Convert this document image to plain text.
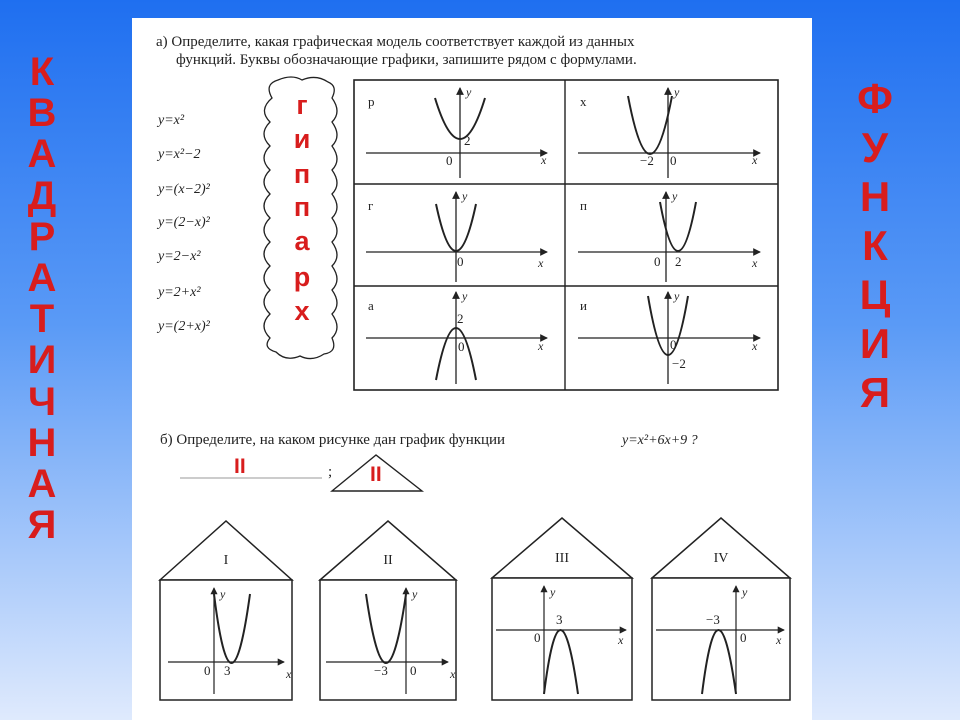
К
В
А
Д
Р
А
Т
И
Ч
Н
А
Я
Ф
У
Н
К
Ц
И
Я
а) Определите, какая графическая модель соответствует каждой из данных
функций. Буквы обозначающие графики, запишите рядом с формулами.
y=x²
y=x²−2
y=(x−2)²
y=(2−x)²
y=2−x²
y=2+x²
y=(2+x)²
г
и
п
п
а
р
х
р
x
y
2
0
х
x
y
−2 0
г
x
y
0
п
x
y
0 2
а
x
y
2
0
и
x
y
0
−2
б) Определите, на каком рисунке дан график функции	y=x²+6x+9 ?
II	; II
I
x
y
0 3
II
x
y
−3 0
III
x
y
0
3
IV
x
y
−3
0
